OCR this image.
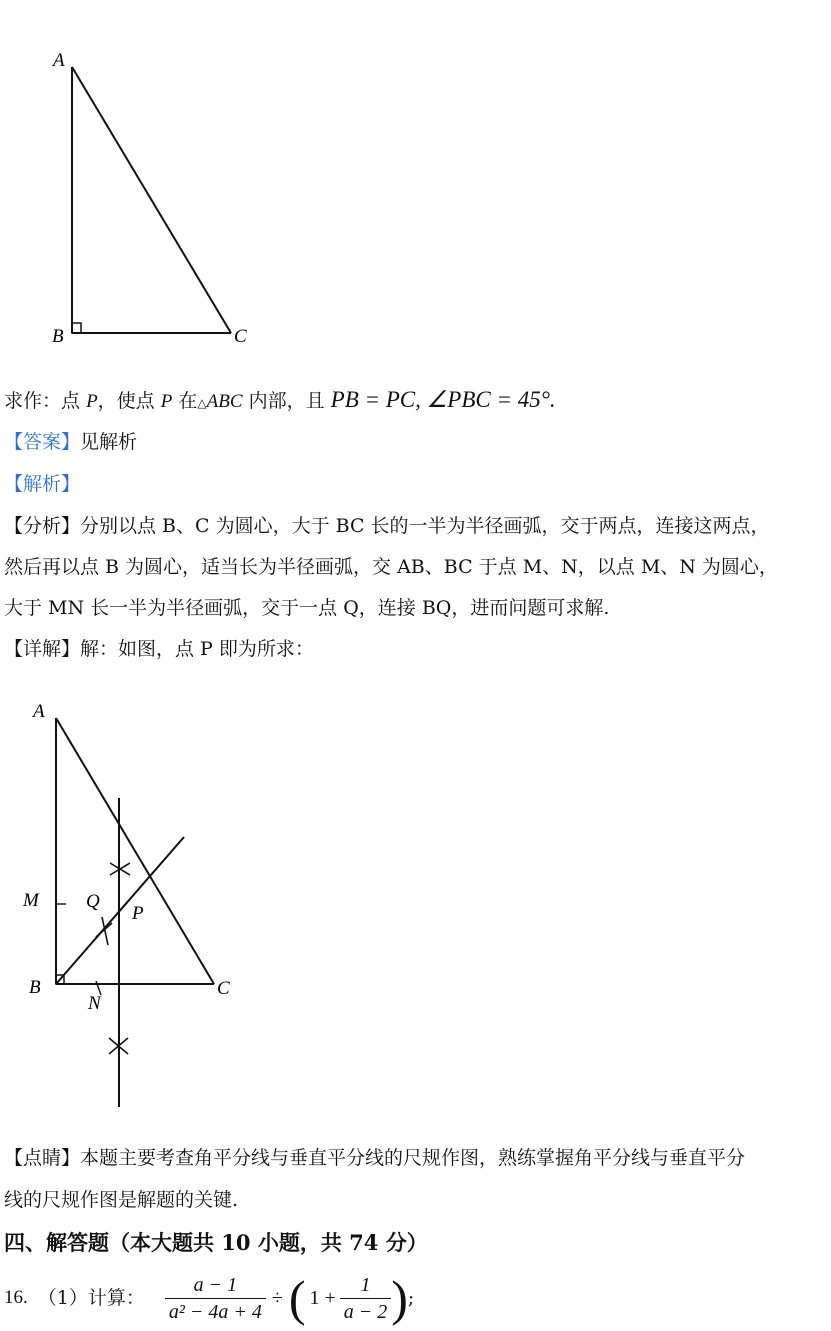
A
B	C
求作：点 P，使点 P 在△ABC 内部，且 PB = PC, ∠PBC = 45°.
【答案】见解析
【解析】
【分析】分别以点 B、C 为圆心，大于 BC 长的一半为半径画弧，交于两点，连接这两点，
然后再以点 B 为圆心，适当长为半径画弧，交 AB、BC 于点 M、N，以点 M、N 为圆心，
大于 MN 长一半为半径画弧，交于一点 Q，连接 BQ，进而问题可求解.
【详解】解：如图，点 P 即为所求：
A
M Q
P
B
N
C
【点睛】本题主要考查角平分线与垂直平分线的尺规作图，熟练掌握角平分线与垂直平分
线的尺规作图是解题的关键.
四、解答题（本大题共 10 小题，共 74 分）
16. （1）计算： $\frac{a - 1}{\text{a² − 4a + 4}}$ ÷ ( $1 + \frac{1}{a - 2}$ ) ;
